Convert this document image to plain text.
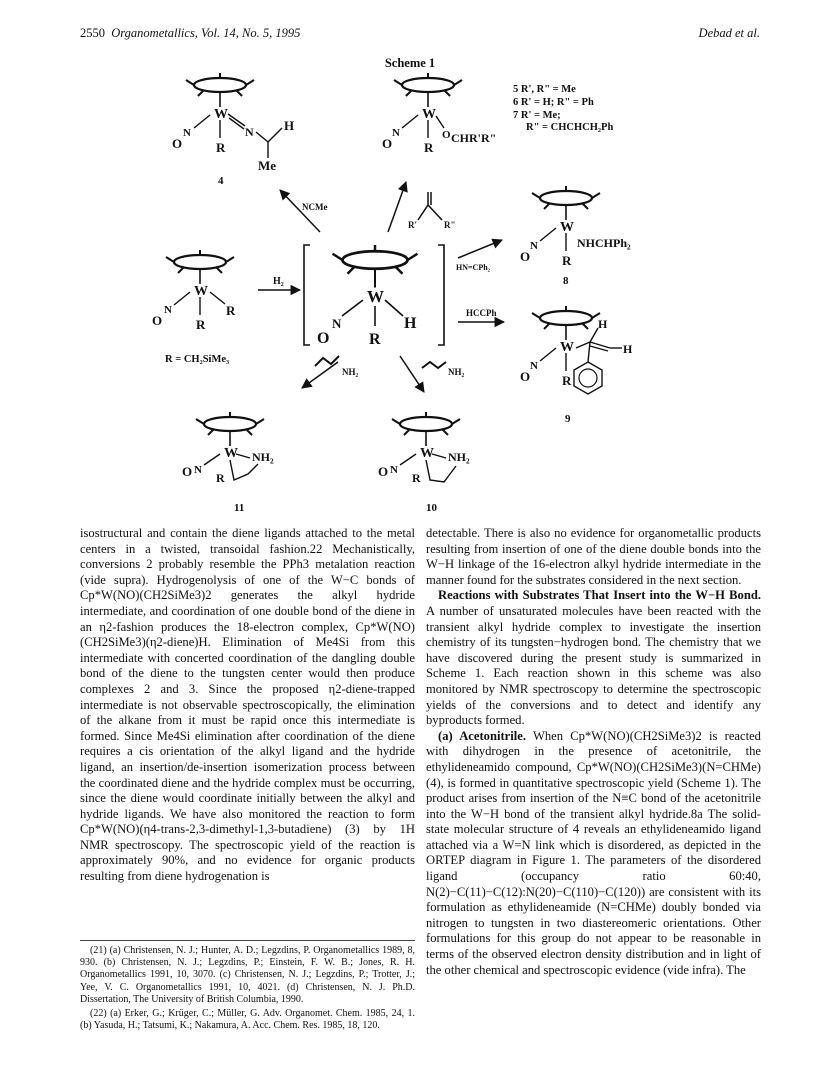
2550 Organometallics, Vol. 14, No. 5, 1995	Debad et al.
Scheme 1
W
N
O	R
N H
Me
4
W
N
O R
O CHR'R"
5 R', R" = Me
6 R' = H; R" = Ph
7 R' = Me;
R" = CHCHCH₂Ph
NCMe
R'	R"
W
N
O	R
R
R = CH₂SiMe₃
H₂
W
N
O R
H
HN=CPh₂
W
N
O R
NHCHPh₂
8
HCCPh
W
N
O R
H
H
9
NH₂	NH₂
W
N
O R
NH₂
11
W
N
O R
NH₂
10

isostructural and contain the diene ligands attached to the metal centers in a twisted, transoidal fashion.22 Mechanistically, conversions 2 probably resemble the PPh3 metalation reaction (vide supra). Hydrogenolysis of one of the W−C bonds of Cp*W(NO)(CH2SiMe3)2 generates the alkyl hydride intermediate, and coordination of one double bond of the diene in an η2-fashion produces the 18-electron complex, Cp*W(NO)(CH2SiMe3)(η2-diene)H. Elimination of Me4Si from this intermediate with concerted coordination of the dangling double bond of the diene to the tungsten center would then produce complexes 2 and 3. Since the proposed η2-diene-trapped intermediate is not observable spectroscopically, the elimination of the alkane from it must be rapid once this intermediate is formed. Since Me4Si elimination after coordination of the diene requires a cis orientation of the alkyl ligand and the hydride ligand, an insertion/de-insertion isomerization process between the coordinated diene and the hydride complex must be occurring, since the diene would coordinate initially between the alkyl and hydride ligands. We have also monitored the reaction to form Cp*W(NO)(η4-trans-2,3-dimethyl-1,3-butadiene) (3) by 1H NMR spectroscopy. The spectroscopic yield of the reaction is approximately 90%, and no evidence for organic products resulting from diene hydrogenation is

(21) (a) Christensen, N. J.; Hunter, A. D.; Legzdins, P. Organometallics 1989, 8, 930. (b) Christensen, N. J.; Legzdins, P.; Einstein, F. W. B.; Jones, R. H. Organometallics 1991, 10, 3070. (c) Christensen, N. J.; Legzdins, P.; Trotter, J.; Yee, V. C. Organometallics 1991, 10, 4021. (d) Christensen, N. J. Ph.D. Dissertation, The University of British Columbia, 1990.

(22) (a) Erker, G.; Krüger, C.; Müller, G. Adv. Organomet. Chem. 1985, 24, 1. (b) Yasuda, H.; Tatsumi, K.; Nakamura, A. Acc. Chem. Res. 1985, 18, 120.

detectable. There is also no evidence for organometallic products resulting from insertion of one of the diene double bonds into the W−H linkage of the 16-electron alkyl hydride intermediate in the manner found for the substrates considered in the next section.

Reactions with Substrates That Insert into the W−H Bond. A number of unsaturated molecules have been reacted with the transient alkyl hydride complex to investigate the insertion chemistry of its tungsten−hydrogen bond. The chemistry that we have discovered during the present study is summarized in Scheme 1. Each reaction shown in this scheme was also monitored by NMR spectroscopy to determine the spectroscopic yields of the conversions and to detect and identify any byproducts formed.

(a) Acetonitrile. When Cp*W(NO)(CH2SiMe3)2 is reacted with dihydrogen in the presence of acetonitrile, the ethylideneamido compound, Cp*W(NO)(CH2SiMe3)(N=CHMe) (4), is formed in quantitative spectroscopic yield (Scheme 1). The product arises from insertion of the N≡C bond of the acetonitrile into the W−H bond of the transient alkyl hydride.8a The solid-state molecular structure of 4 reveals an ethylideneamido ligand attached via a W=N link which is disordered, as depicted in the ORTEP diagram in Figure 1. The parameters of the disordered ligand (occupancy ratio 60:40, N(2)−C(11)−C(12):N(20)−C(110)−C(120)) are consistent with its formulation as ethylideneamide (N=CHMe) doubly bonded via nitrogen to tungsten in two diastereomeric orientations. Other formulations for this group do not appear to be reasonable in terms of the observed electron density distribution and in light of the other chemical and spectroscopic evidence (vide infra). The
